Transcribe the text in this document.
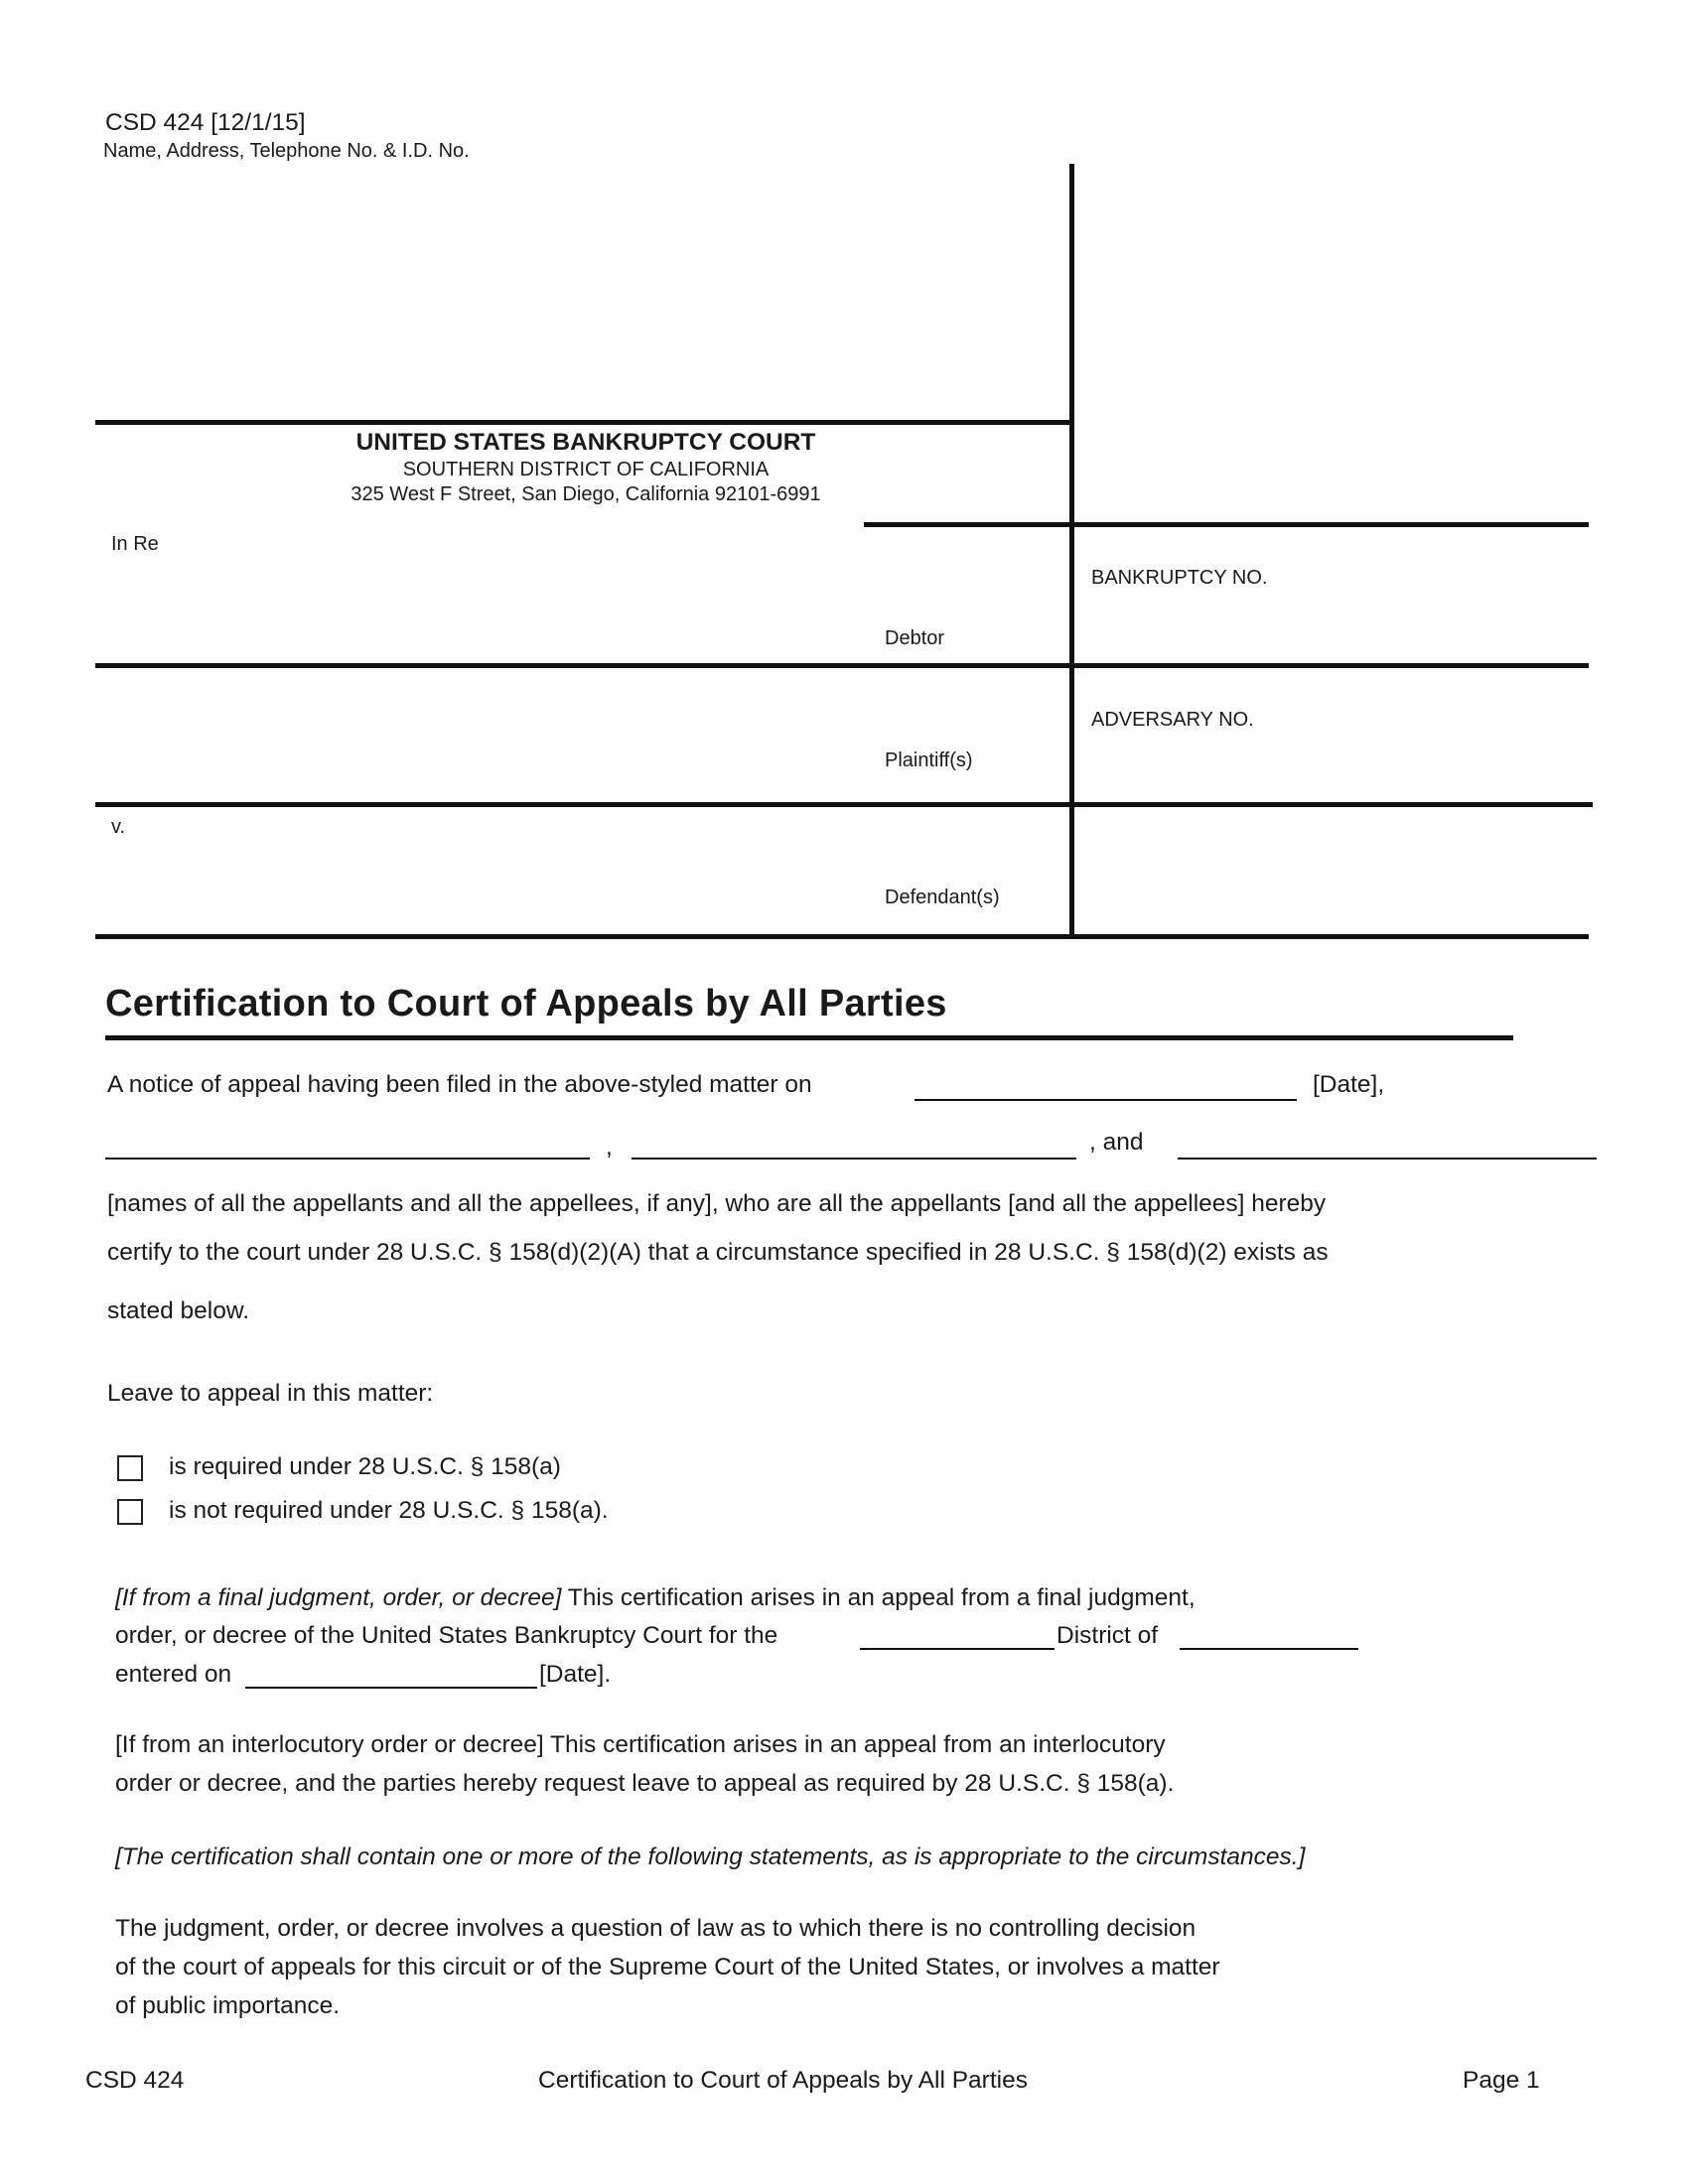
CSD 424 [12/1/15]
Name, Address, Telephone No. & I.D. No.
UNITED STATES BANKRUPTCY COURT
SOUTHERN DISTRICT OF CALIFORNIA
325 West F Street, San Diego, California 92101-6991
In Re
Debtor
BANKRUPTCY NO.
Plaintiff(s)
ADVERSARY NO.
v.
Defendant(s)
Certification to Court of Appeals by All Parties
A notice of appeal having been filed in the above-styled matter on	[Date],
,	, and
[names of all the appellants and all the appellees, if any], who are all the appellants [and all the appellees] hereby
certify to the court under 28 U.S.C. § 158(d)(2)(A) that a circumstance specified in 28 U.S.C. § 158(d)(2) exists as
stated below.
Leave to appeal in this matter:
is required under 28 U.S.C. § 158(a)
is not required under 28 U.S.C. § 158(a).
[If from a final judgment, order, or decree] This certification arises in an appeal from a final judgment,
order, or decree of the United States Bankruptcy Court for the	District of
entered on	[Date].
[If from an interlocutory order or decree] This certification arises in an appeal from an interlocutory
order or decree, and the parties hereby request leave to appeal as required by 28 U.S.C. § 158(a).
[The certification shall contain one or more of the following statements, as is appropriate to the circumstances.]
The judgment, order, or decree involves a question of law as to which there is no controlling decision
of the court of appeals for this circuit or of the Supreme Court of the United States, or involves a matter
of public importance.
CSD 424	Certification to Court of Appeals by All Parties	Page 1
